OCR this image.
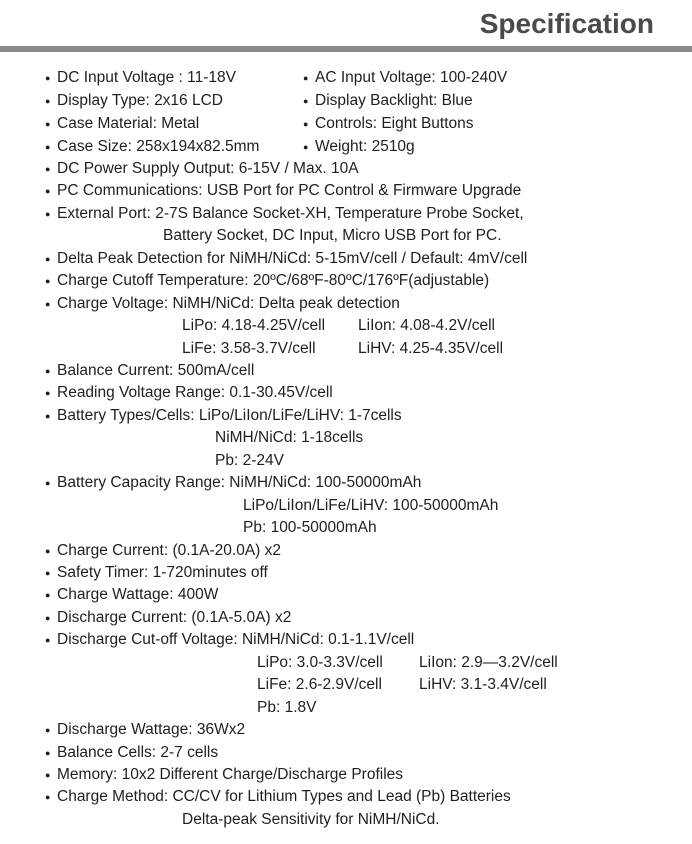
Specification
● DC Input Voltage : 11-18V	● AC Input Voltage: 100-240V
● Display Type: 2x16 LCD	● Display Backlight: Blue
● Case Material: Metal	● Controls: Eight Buttons
● Case Size: 258x194x82.5mm	● Weight: 2510g
● DC Power Supply Output: 6-15V / Max. 10A
● PC Communications: USB Port for PC Control & Firmware Upgrade
● External Port: 2-7S Balance Socket-XH, Temperature Probe Socket,
Battery Socket, DC Input, Micro USB Port for PC.
● Delta Peak Detection for NiMH/NiCd: 5-15mV/cell / Default: 4mV/cell
● Charge Cutoff Temperature: 20ºC/68ºF-80ºC/176ºF(adjustable)
● Charge Voltage: NiMH/NiCd: Delta peak detection
LiPo: 4.18-4.25V/cell LiIon: 4.08-4.2V/cell
LiFe: 3.58-3.7V/cell	LiHV: 4.25-4.35V/cell
● Balance Current: 500mA/cell
● Reading Voltage Range: 0.1-30.45V/cell
● Battery Types/Cells: LiPo/LiIon/LiFe/LiHV: 1-7cells
NiMH/NiCd: 1-18cells
Pb: 2-24V
● Battery Capacity Range: NiMH/NiCd: 100-50000mAh
LiPo/LiIon/LiFe/LiHV: 100-50000mAh
Pb: 100-50000mAh
● Charge Current: (0.1A-20.0A) x2
● Safety Timer: 1-720minutes off
● Charge Wattage: 400W
● Discharge Current: (0.1A-5.0A) x2
● Discharge Cut-off Voltage: NiMH/NiCd: 0.1-1.1V/cell
LiPo: 3.0-3.3V/cell LiIon: 2.9—3.2V/cell
LiFe: 2.6-2.9V/cell LiHV: 3.1-3.4V/cell
Pb: 1.8V
● Discharge Wattage: 36Wx2
● Balance Cells: 2-7 cells
● Memory: 10x2 Different Charge/Discharge Profiles
● Charge Method: CC/CV for Lithium Types and Lead (Pb) Batteries
Delta-peak Sensitivity for NiMH/NiCd.
